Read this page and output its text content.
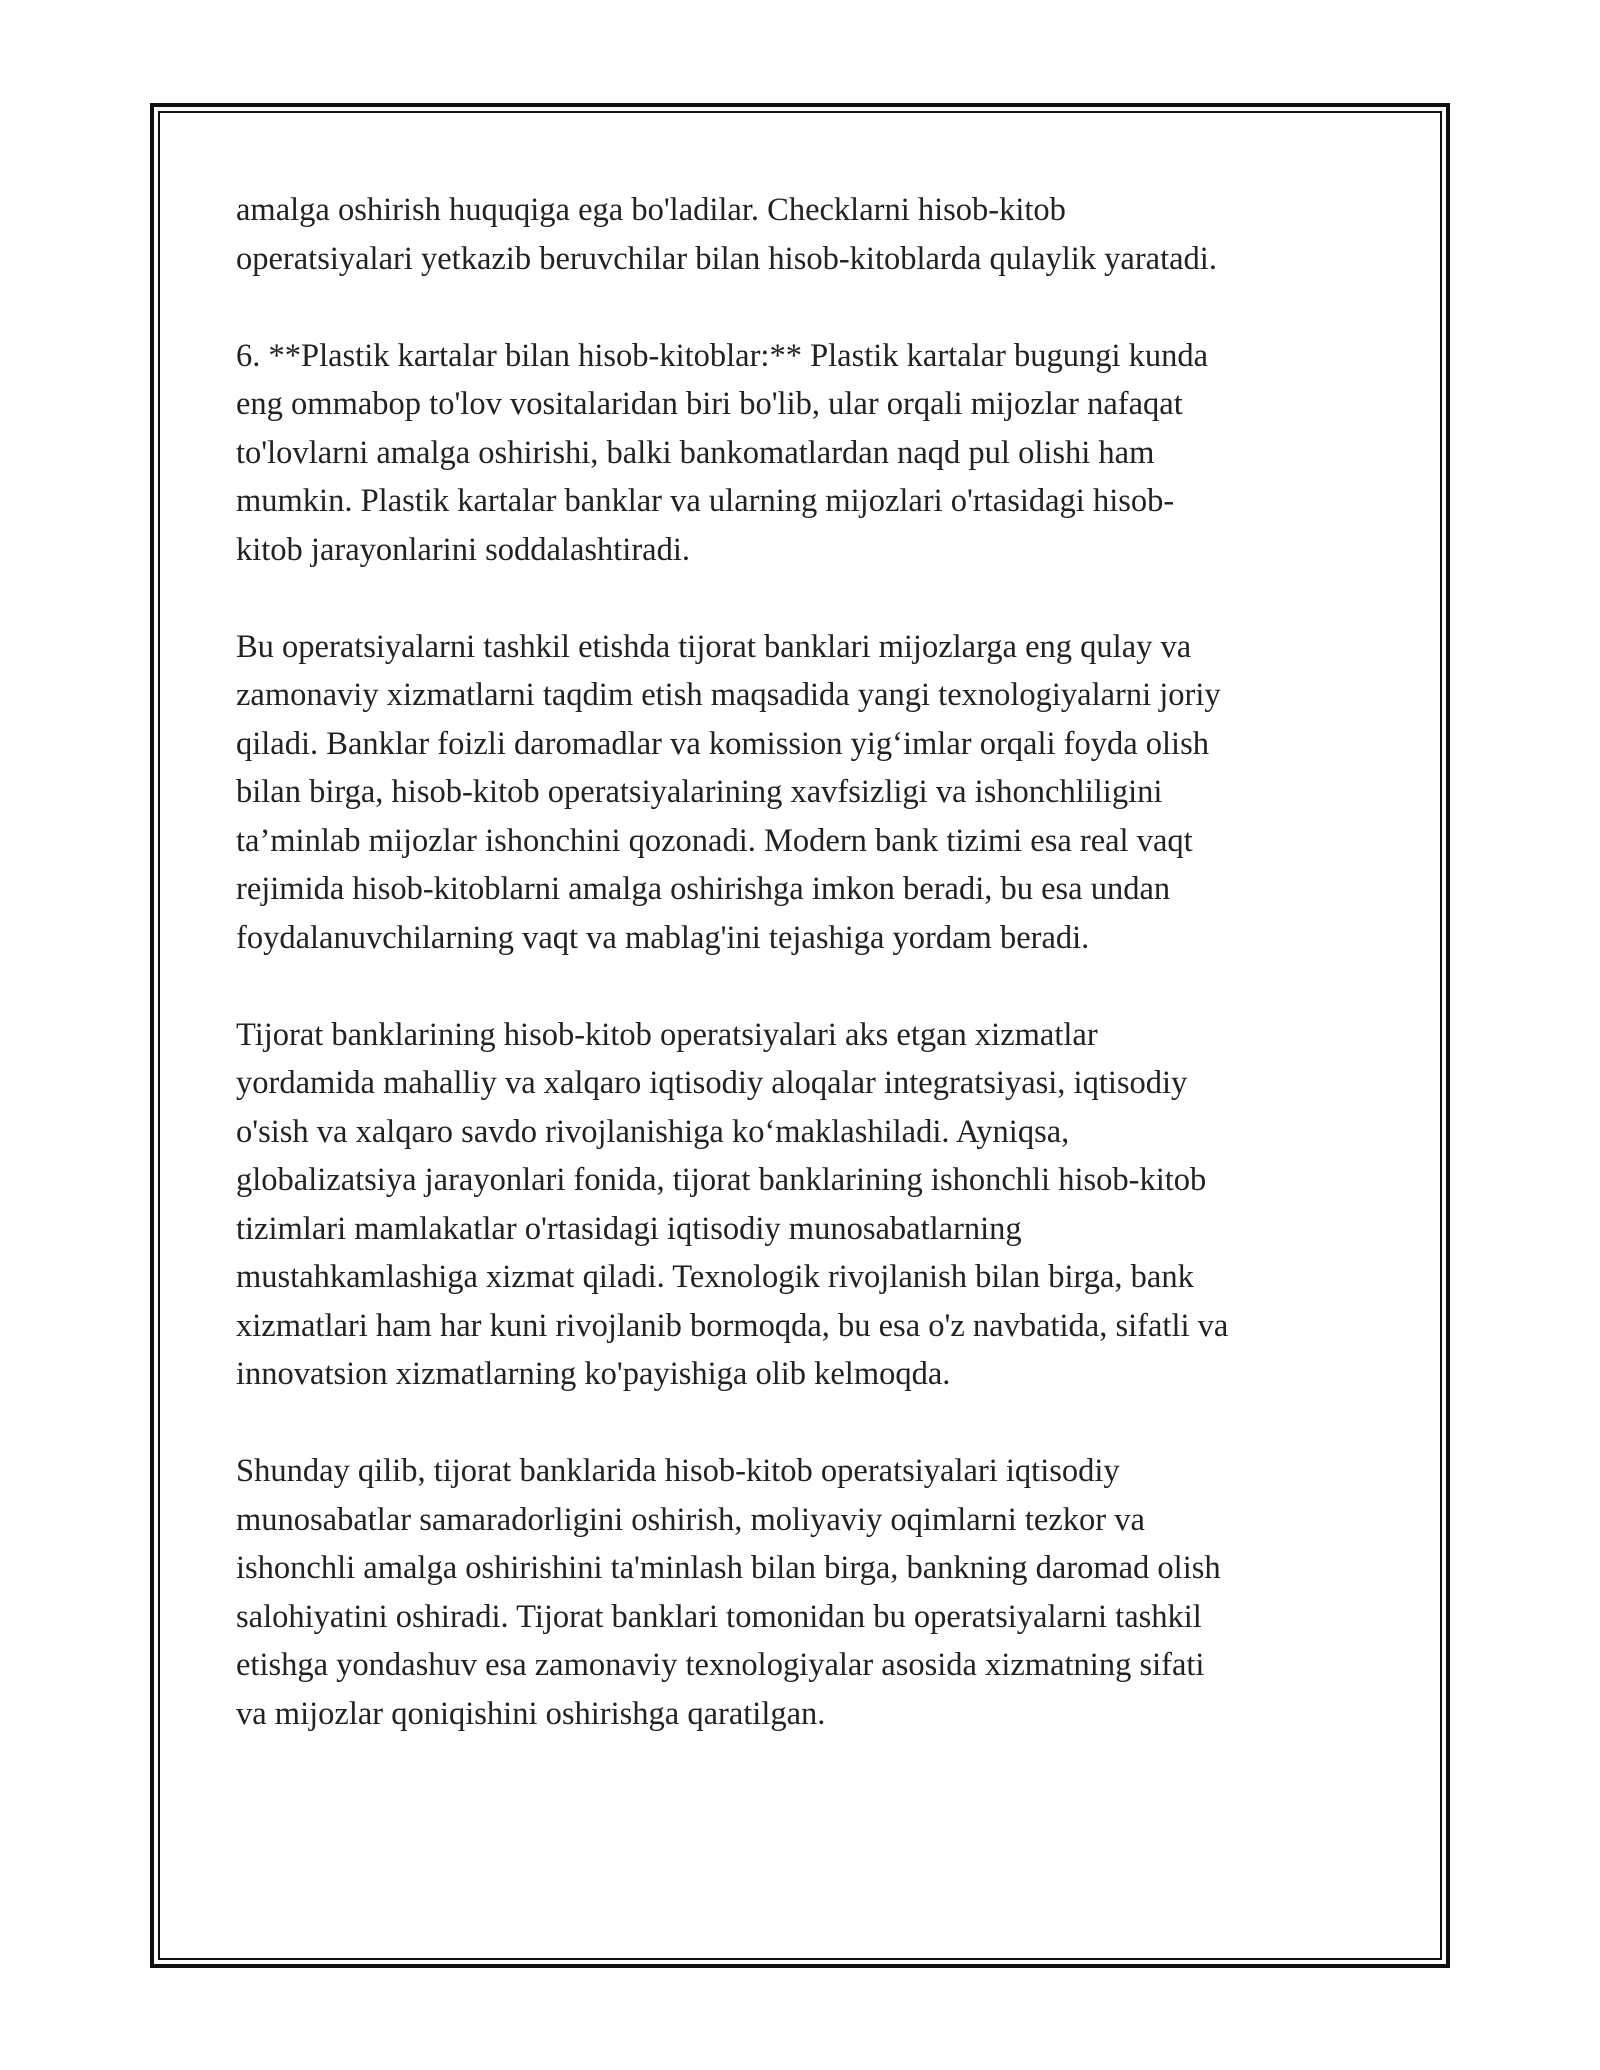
amalga oshirish huquqiga ega bo'ladilar. Checklarni hisob-kitob
operatsiyalari yetkazib beruvchilar bilan hisob-kitoblarda qulaylik yaratadi.
6. **Plastik kartalar bilan hisob-kitoblar:** Plastik kartalar bugungi kunda
eng ommabop to'lov vositalaridan biri bo'lib, ular orqali mijozlar nafaqat
to'lovlarni amalga oshirishi, balki bankomatlardan naqd pul olishi ham
mumkin. Plastik kartalar banklar va ularning mijozlari o'rtasidagi hisob-
kitob jarayonlarini soddalashtiradi.
Bu operatsiyalarni tashkil etishda tijorat banklari mijozlarga eng qulay va
zamonaviy xizmatlarni taqdim etish maqsadida yangi texnologiyalarni joriy
qiladi. Banklar foizli daromadlar va komission yig‘imlar orqali foyda olish
bilan birga, hisob-kitob operatsiyalarining xavfsizligi va ishonchliligini
ta’minlab mijozlar ishonchini qozonadi. Modern bank tizimi esa real vaqt
rejimida hisob-kitoblarni amalga oshirishga imkon beradi, bu esa undan
foydalanuvchilarning vaqt va mablag'ini tejashiga yordam beradi.
Tijorat banklarining hisob-kitob operatsiyalari aks etgan xizmatlar
yordamida mahalliy va xalqaro iqtisodiy aloqalar integratsiyasi, iqtisodiy
o'sish va xalqaro savdo rivojlanishiga ko‘maklashiladi. Ayniqsa,
globalizatsiya jarayonlari fonida, tijorat banklarining ishonchli hisob-kitob
tizimlari mamlakatlar o'rtasidagi iqtisodiy munosabatlarning
mustahkamlashiga xizmat qiladi. Texnologik rivojlanish bilan birga, bank
xizmatlari ham har kuni rivojlanib bormoqda, bu esa o'z navbatida, sifatli va
innovatsion xizmatlarning ko'payishiga olib kelmoqda.
Shunday qilib, tijorat banklarida hisob-kitob operatsiyalari iqtisodiy
munosabatlar samaradorligini oshirish, moliyaviy oqimlarni tezkor va
ishonchli amalga oshirishini ta'minlash bilan birga, bankning daromad olish
salohiyatini oshiradi. Tijorat banklari tomonidan bu operatsiyalarni tashkil
etishga yondashuv esa zamonaviy texnologiyalar asosida xizmatning sifati
va mijozlar qoniqishini oshirishga qaratilgan.
